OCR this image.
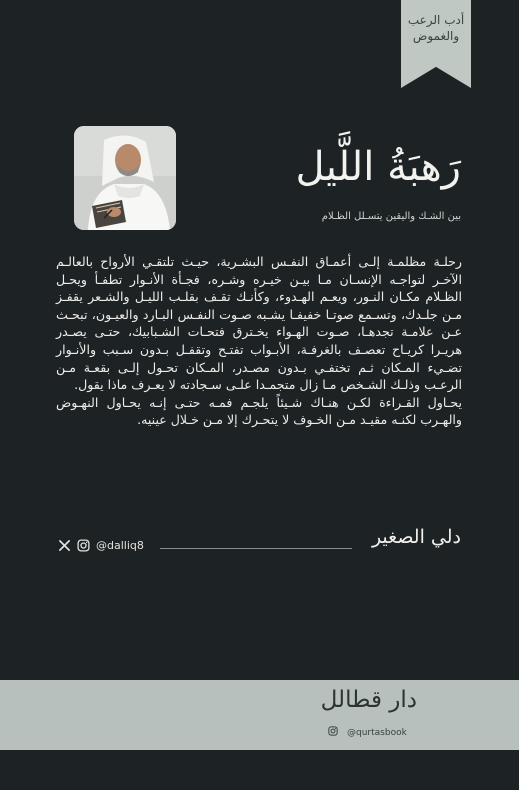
أدب الرعب والغموض
رَهبَةُ اللَّيل
بين الشـك واليقين يتسـلل الظـلام

رحلـة مظلمـة إلـى أعمـاق النفـس البشـرية، حيـث تلتقـي الأرواح بالعالـم الآخـر لتواجـه الإنسـان مـا بيـن خيـره وشـره، فجـأة الأنـوار تطفـأ ويحـل الظـلام مكـان النـور، ويعـم الهـدوء، وكأنـك تقـف بقلـب الليـل والشـعر يقفـز مـن جلـدك، وتسـمع صوتـا خفيفـا يشـبه صـوت النفـس البـارد والعيـون، تبحـث عـن علامـة تجدهـا، صـوت الهـواء يخـترق فتحـات الشـبابيك، حتـى يصـدر هريـرا كريـاح تعصـف بالغرفـة، الأبـواب تفتـح وتقفـل بـدون سـبب والأنـوار تضـيء المـكان ثـم تختفـي بـدون مصـدر، المـكان تحـول إلـى بقعـة مـن الرعـب وذلـك الشـخص مـا زال متجمـدا علـى سـجادته لا يعـرف ماذا يقول.

يحـاول القـراءة لكـن هنـاك شـيئاً يلجـم فمـه حتـى إنـه يحـاول النهـوض والهـرب لكنـه مقيـد مـن الخـوف لا يتحـرك إلا مـن خـلال عينيه.

دلي الصغير
@dalliq8
دار قطالل
@qurtasbook
